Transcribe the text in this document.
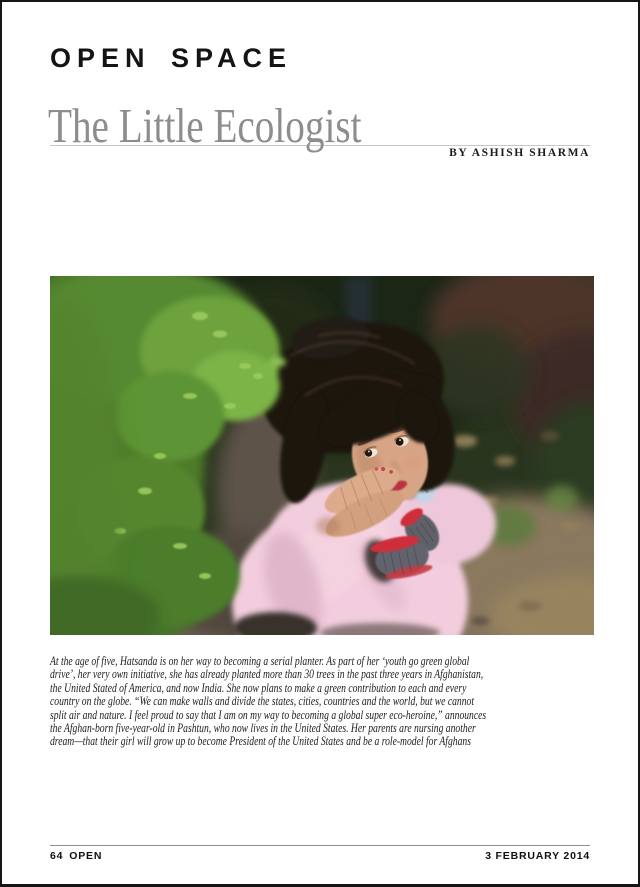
OPEN SPACE
The Little Ecologist	BY ASHISH SHARMA
At the age of five, Hatsanda is on her way to becoming a serial planter. As part of her ‘youth go green global
drive’, her very own initiative, she has already planted more than 30 trees in the past three years in Afghanistan,
the United Stated of America, and now India. She now plans to make a green contribution to each and every
country on the globe. “We can make walls and divide the states, cities, countries and the world, but we cannot
split air and nature. I feel proud to say that I am on my way to becoming a global super eco-heroine,” announces
the Afghan-born five-year-old in Pashtun, who now lives in the United States. Her parents are nursing another
dream—that their girl will grow up to become President of the United States and be a role-model for Afghans
64 OPEN	3 FEBRUARY 2014
